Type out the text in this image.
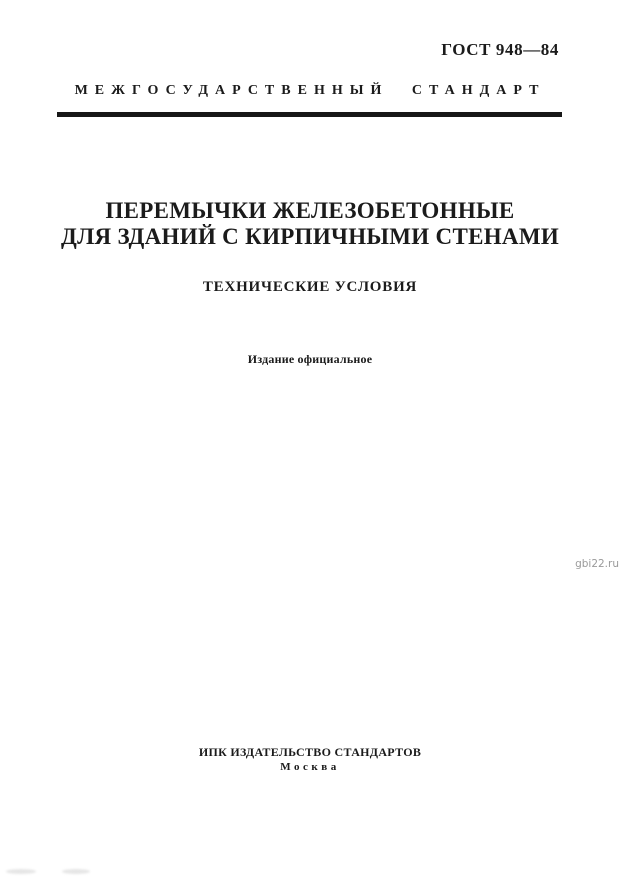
ГОСТ 948—84
МЕЖГОСУДАРСТВЕННЫЙ СТАНДАРТ
ПЕРЕМЫЧКИ ЖЕЛЕЗОБЕТОННЫЕ
ДЛЯ ЗДАНИЙ С КИРПИЧНЫМИ СТЕНАМИ
ТЕХНИЧЕСКИЕ УСЛОВИЯ
Издание официальное
gbi22.ru
ИПК ИЗДАТЕЛЬСТВО СТАНДАРТОВ
Москва
